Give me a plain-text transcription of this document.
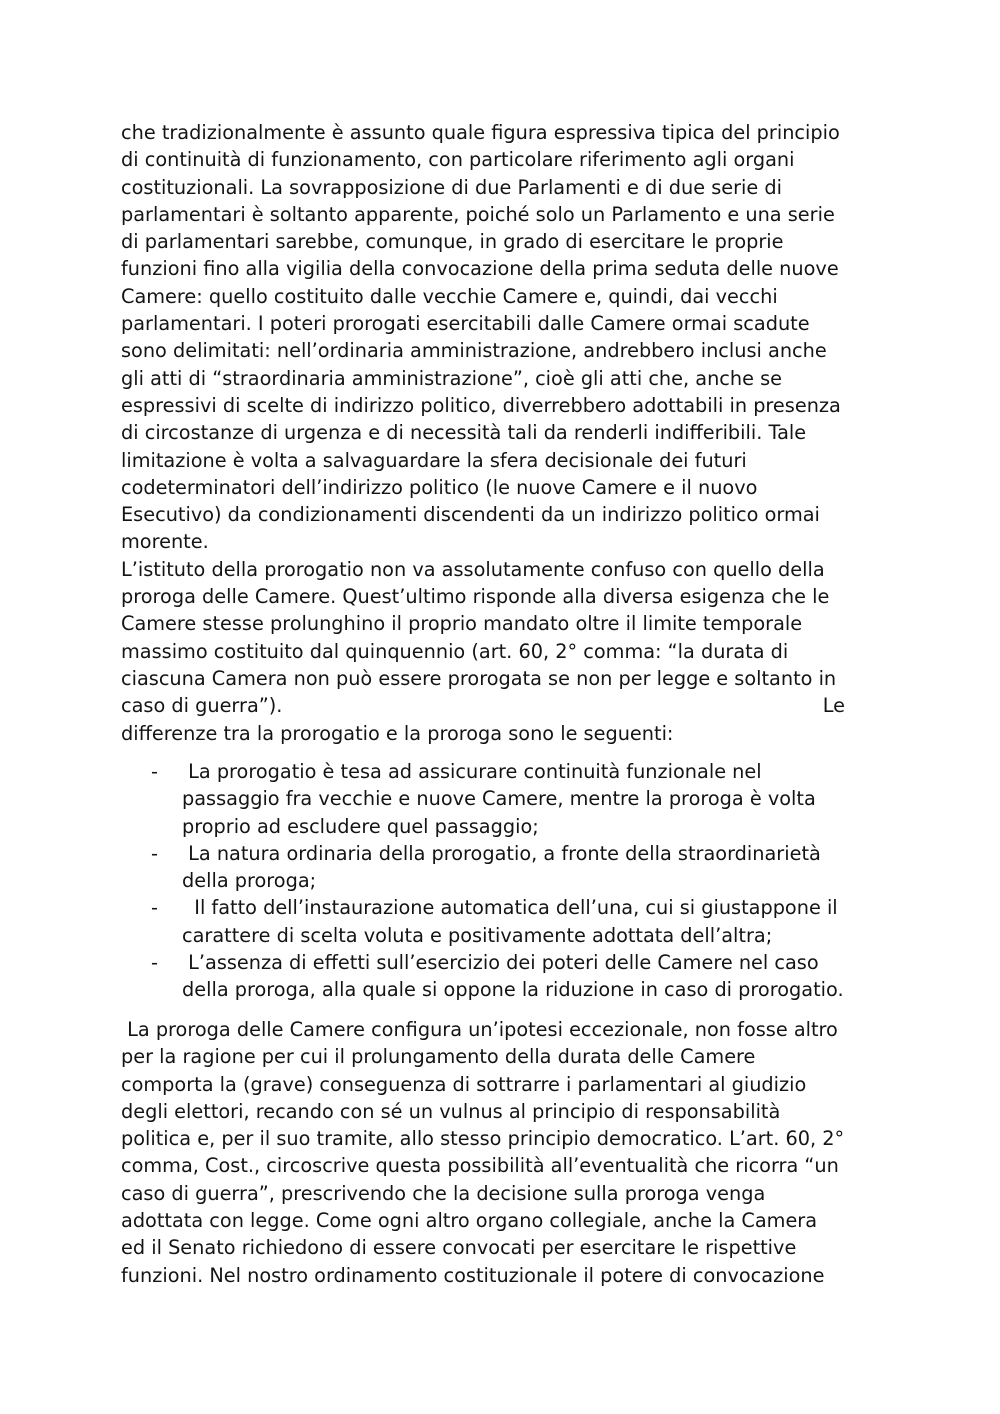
che tradizionalmente è assunto quale figura espressiva tipica del principio
di continuità di funzionamento, con particolare riferimento agli organi
costituzionali. La sovrapposizione di due Parlamenti e di due serie di
parlamentari è soltanto apparente, poiché solo un Parlamento e una serie
di parlamentari sarebbe, comunque, in grado di esercitare le proprie
funzioni fino alla vigilia della convocazione della prima seduta delle nuove
Camere: quello costituito dalle vecchie Camere e, quindi, dai vecchi
parlamentari. I poteri prorogati esercitabili dalle Camere ormai scadute
sono delimitati: nell’ordinaria amministrazione, andrebbero inclusi anche
gli atti di “straordinaria amministrazione”, cioè gli atti che, anche se
espressivi di scelte di indirizzo politico, diverrebbero adottabili in presenza
di circostanze di urgenza e di necessità tali da renderli indifferibili. Tale
limitazione è volta a salvaguardare la sfera decisionale dei futuri
codeterminatori dell’indirizzo politico (le nuove Camere e il nuovo
Esecutivo) da condizionamenti discendenti da un indirizzo politico ormai
morente.
L’istituto della prorogatio non va assolutamente confuso con quello della
proroga delle Camere. Quest’ultimo risponde alla diversa esigenza che le
Camere stesse prolunghino il proprio mandato oltre il limite temporale
massimo costituito dal quinquennio (art. 60, 2° comma: “la durata di
ciascuna Camera non può essere prorogata se non per legge e soltanto in
caso di guerra”).	Le
differenze tra la prorogatio e la proroga sono le seguenti:
- La prorogatio è tesa ad assicurare continuità funzionale nel
passaggio fra vecchie e nuove Camere, mentre la proroga è volta
proprio ad escludere quel passaggio;
- La natura ordinaria della prorogatio, a fronte della straordinarietà
della proroga;
- Il fatto dell’instaurazione automatica dell’una, cui si giustappone il
carattere di scelta voluta e positivamente adottata dell’altra;
- L’assenza di effetti sull’esercizio dei poteri delle Camere nel caso
della proroga, alla quale si oppone la riduzione in caso di prorogatio.
La proroga delle Camere configura un’ipotesi eccezionale, non fosse altro
per la ragione per cui il prolungamento della durata delle Camere
comporta la (grave) conseguenza di sottrarre i parlamentari al giudizio
degli elettori, recando con sé un vulnus al principio di responsabilità
politica e, per il suo tramite, allo stesso principio democratico. L’art. 60, 2°
comma, Cost., circoscrive questa possibilità all’eventualità che ricorra “un
caso di guerra”, prescrivendo che la decisione sulla proroga venga
adottata con legge. Come ogni altro organo collegiale, anche la Camera
ed il Senato richiedono di essere convocati per esercitare le rispettive
funzioni. Nel nostro ordinamento costituzionale il potere di convocazione
